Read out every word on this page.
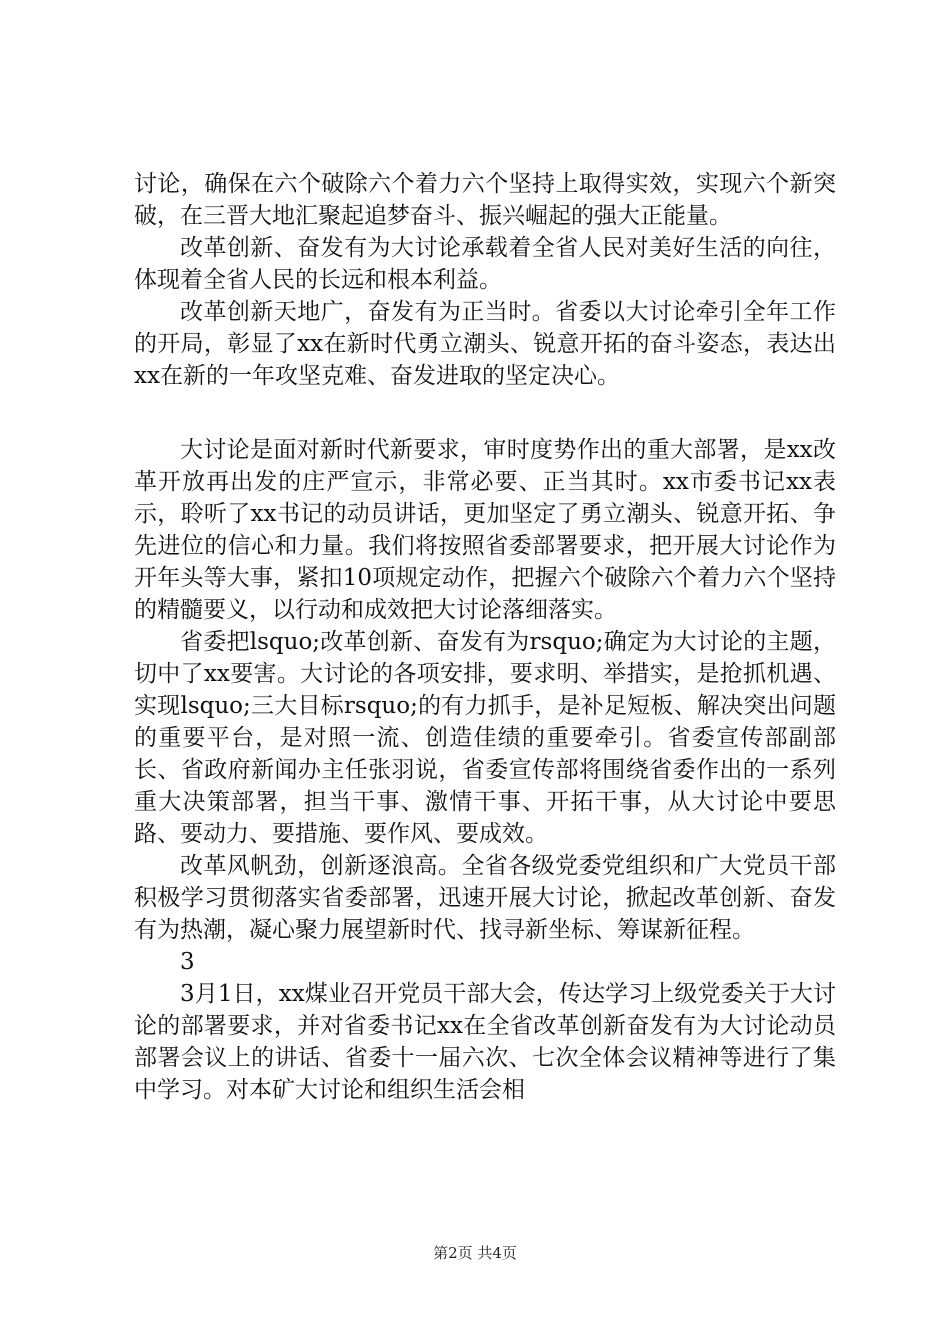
讨论，确保在六个破除六个着力六个坚持上取得实效，实现六个新突破，在三晋大地汇聚起追梦奋斗、振兴崛起的强大正能量。

改革创新、奋发有为大讨论承载着全省人民对美好生活的向往，体现着全省人民的长远和根本利益。

改革创新天地广，奋发有为正当时。省委以大讨论牵引全年工作的开局，彰显了xx在新时代勇立潮头、锐意开拓的奋斗姿态，表达出xx在新的一年攻坚克难、奋发进取的坚定决心。

大讨论是面对新时代新要求，审时度势作出的重大部署，是xx改革开放再出发的庄严宣示，非常必要、正当其时。xx市委书记xx表示，聆听了xx书记的动员讲话，更加坚定了勇立潮头、锐意开拓、争先进位的信心和力量。我们将按照省委部署要求，把开展大讨论作为开年头等大事，紧扣10项规定动作，把握六个破除六个着力六个坚持的精髓要义，以行动和成效把大讨论落细落实。

省委把lsquo;改革创新、奋发有为rsquo;确定为大讨论的主题，切中了xx要害。大讨论的各项安排，要求明、举措实，是抢抓机遇、实现lsquo;三大目标rsquo;的有力抓手，是补足短板、解决突出问题的重要平台，是对照一流、创造佳绩的重要牵引。省委宣传部副部长、省政府新闻办主任张羽说，省委宣传部将围绕省委作出的一系列重大决策部署，担当干事、激情干事、开拓干事，从大讨论中要思路、要动力、要措施、要作风、要成效。

改革风帆劲，创新逐浪高。全省各级党委党组织和广大党员干部积极学习贯彻落实省委部署，迅速开展大讨论，掀起改革创新、奋发有为热潮，凝心聚力展望新时代、找寻新坐标、筹谋新征程。

3

3月1日，xx煤业召开党员干部大会，传达学习上级党委关于大讨论的部署要求，并对省委书记xx在全省改革创新奋发有为大讨论动员部署会议上的讲话、省委十一届六次、七次全体会议精神等进行了集中学习。对本矿大讨论和组织生活会相

第2页 共4页
